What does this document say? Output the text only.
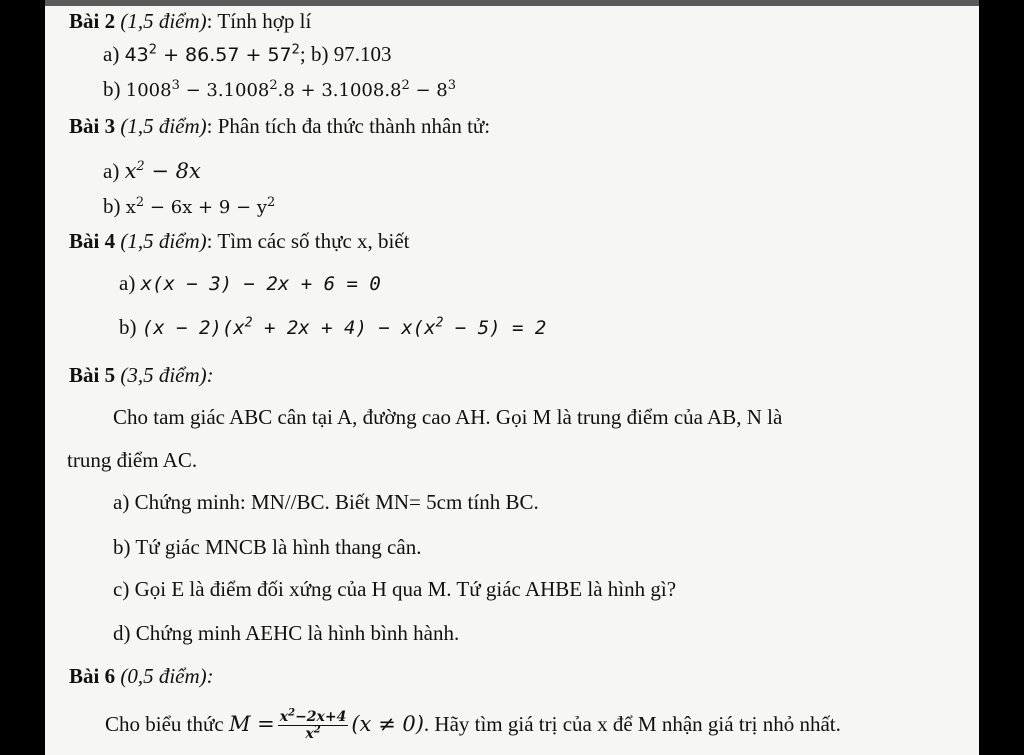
Bài 2 (1,5 điểm): Tính hợp lí
a) $43^2 + 86.57 + 57^2$; b) 97.103
b) $1008^3 - 3.1008^2.8 + 3.1008.8^2 - 8^3$
Bài 3 (1,5 điểm): Phân tích đa thức thành nhân tử:
a) $x^2 - 8x$
b) $x^2 - 6x + 9 - y^2$
Bài 4 (1,5 điểm): Tìm các số thực x, biết
a) x(x − 3) − 2x + 6 = 0
b) $(x - 2)(x^2 + 2x + 4) - x(x^2 - 5) = 2$
Bài 5 (3,5 điểm):
Cho tam giác ABC cân tại A, đường cao AH. Gọi M là trung điểm của AB, N là
trung điểm AC.
a) Chứng minh: MN//BC. Biết MN= 5cm tính BC.
b) Tứ giác MNCB là hình thang cân.
c) Gọi E là điểm đối xứng của H qua M. Tứ giác AHBE là hình gì?
d) Chứng minh AEHC là hình bình hành.
Bài 6 (0,5 điểm):
Cho biểu thức $M = \frac{x^2-2x+4}{x^2} (x \ne 0)$. Hãy tìm giá trị của x để M nhận giá trị nhỏ nhất.
